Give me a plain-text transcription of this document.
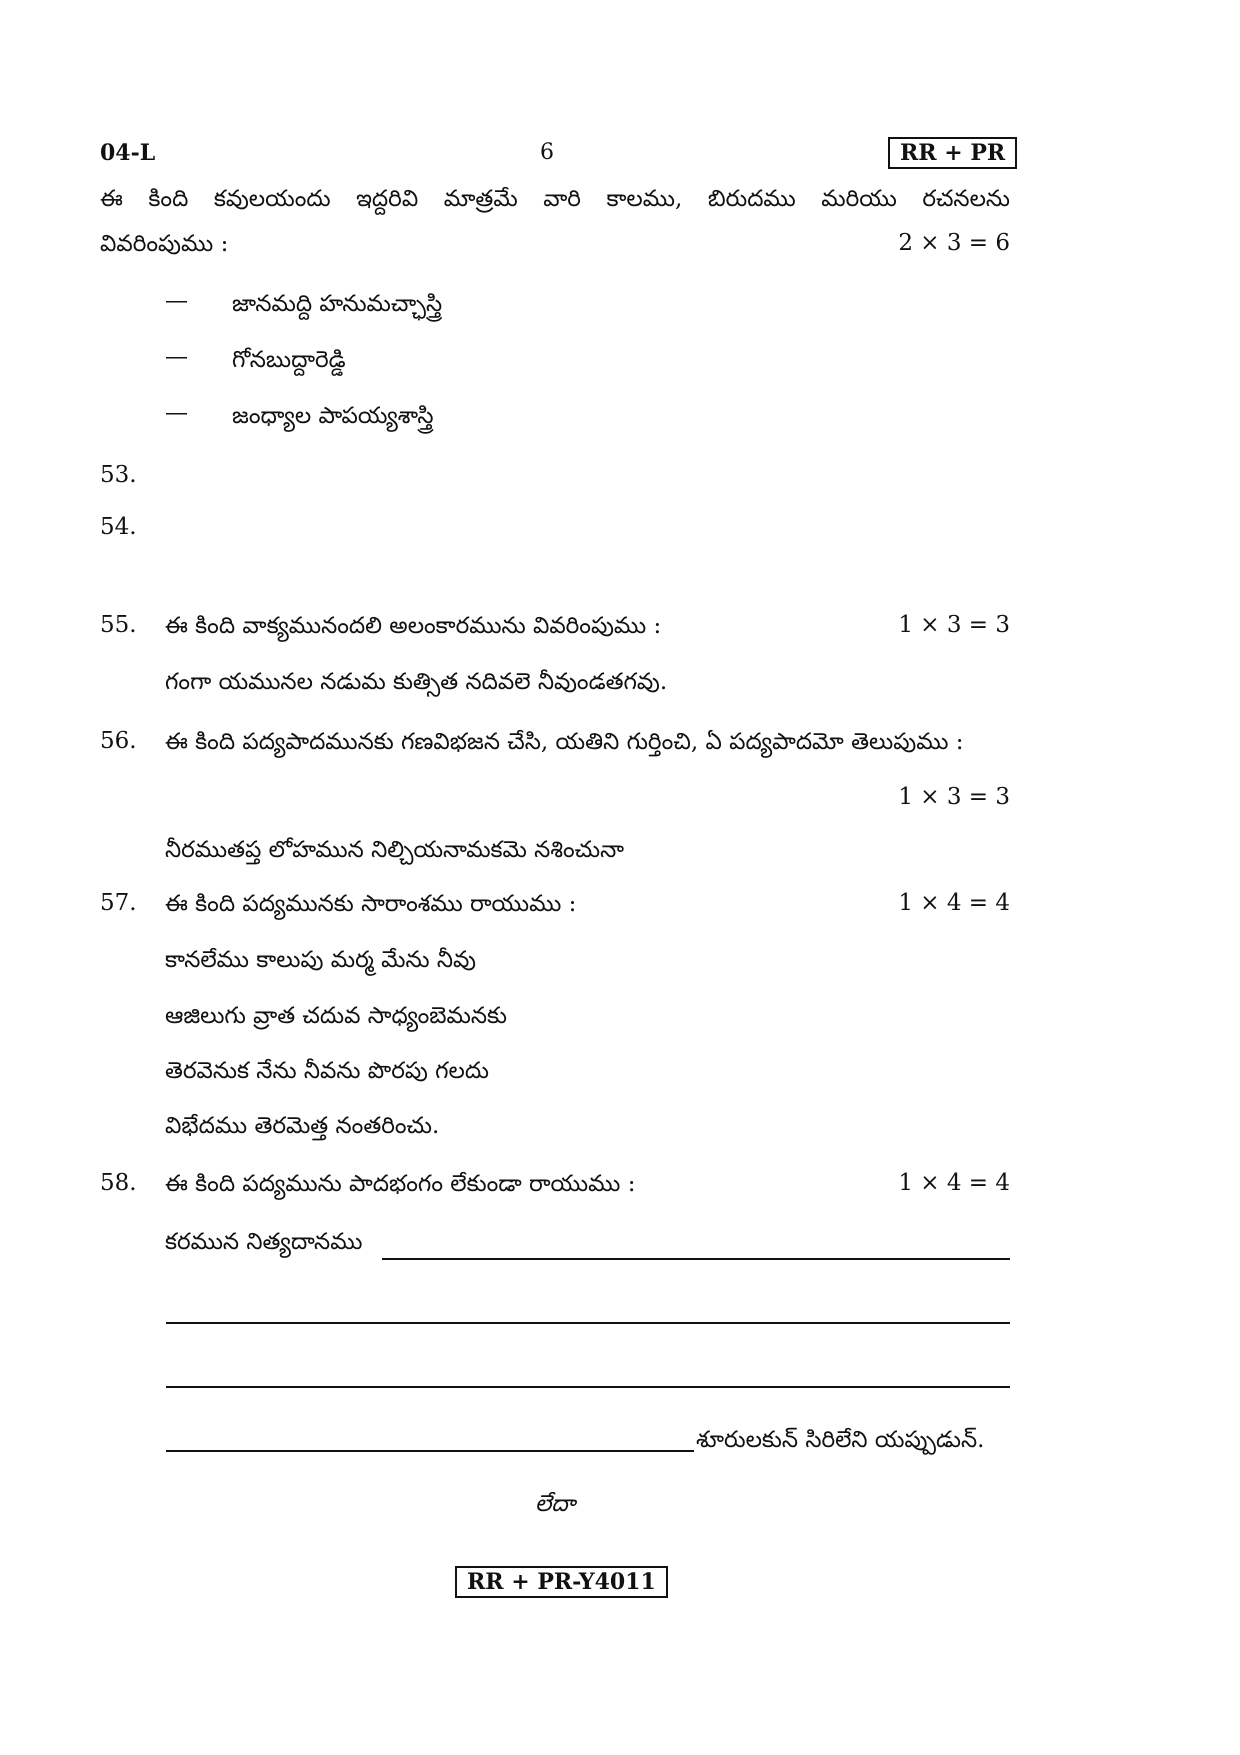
04-L	6	RR + PR
ఈ కింది కవులయందు ఇద్దరివి మాత్రమే వారి కాలము, బిరుదము మరియు రచనలను
వివరింపుము :	2 × 3 = 6
— జానమద్ది హనుమచ్ఛాస్త్రి
— గోనబుద్దారెడ్డి
— జంధ్యాల పాపయ్యశాస్త్రి
53.
54.
55. ఈ కింది వాక్యమునందలి అలంకారమును వివరింపుము :	1 × 3 = 3
గంగా యమునల నడుమ కుత్సిత నదివలె నీవుండతగవు.
56. ఈ కింది పద్యపాదమునకు గణవిభజన చేసి, యతిని గుర్తించి, ఏ పద్యపాదమో తెలుపుము :
1 × 3 = 3
నీరముతప్త లోహమున నిల్చియనామకమె నశించునా
57. ఈ కింది పద్యమునకు సారాంశము రాయుము :	1 × 4 = 4
కానలేము కాలుపు మర్మ మేను నీవు
ఆజిలుగు వ్రాత చదువ సాధ్యంబెమనకు
తెరవెనుక నేను నీవను పొరపు గలదు
విభేదము తెరమెత్త నంతరించు.
58. ఈ కింది పద్యమును పాదభంగం లేకుండా రాయుము :	1 × 4 = 4
కరమున నిత్యదానము
శూరులకున్ సిరిలేని యప్పుడున్.
లేదా
RR + PR-Y4011
